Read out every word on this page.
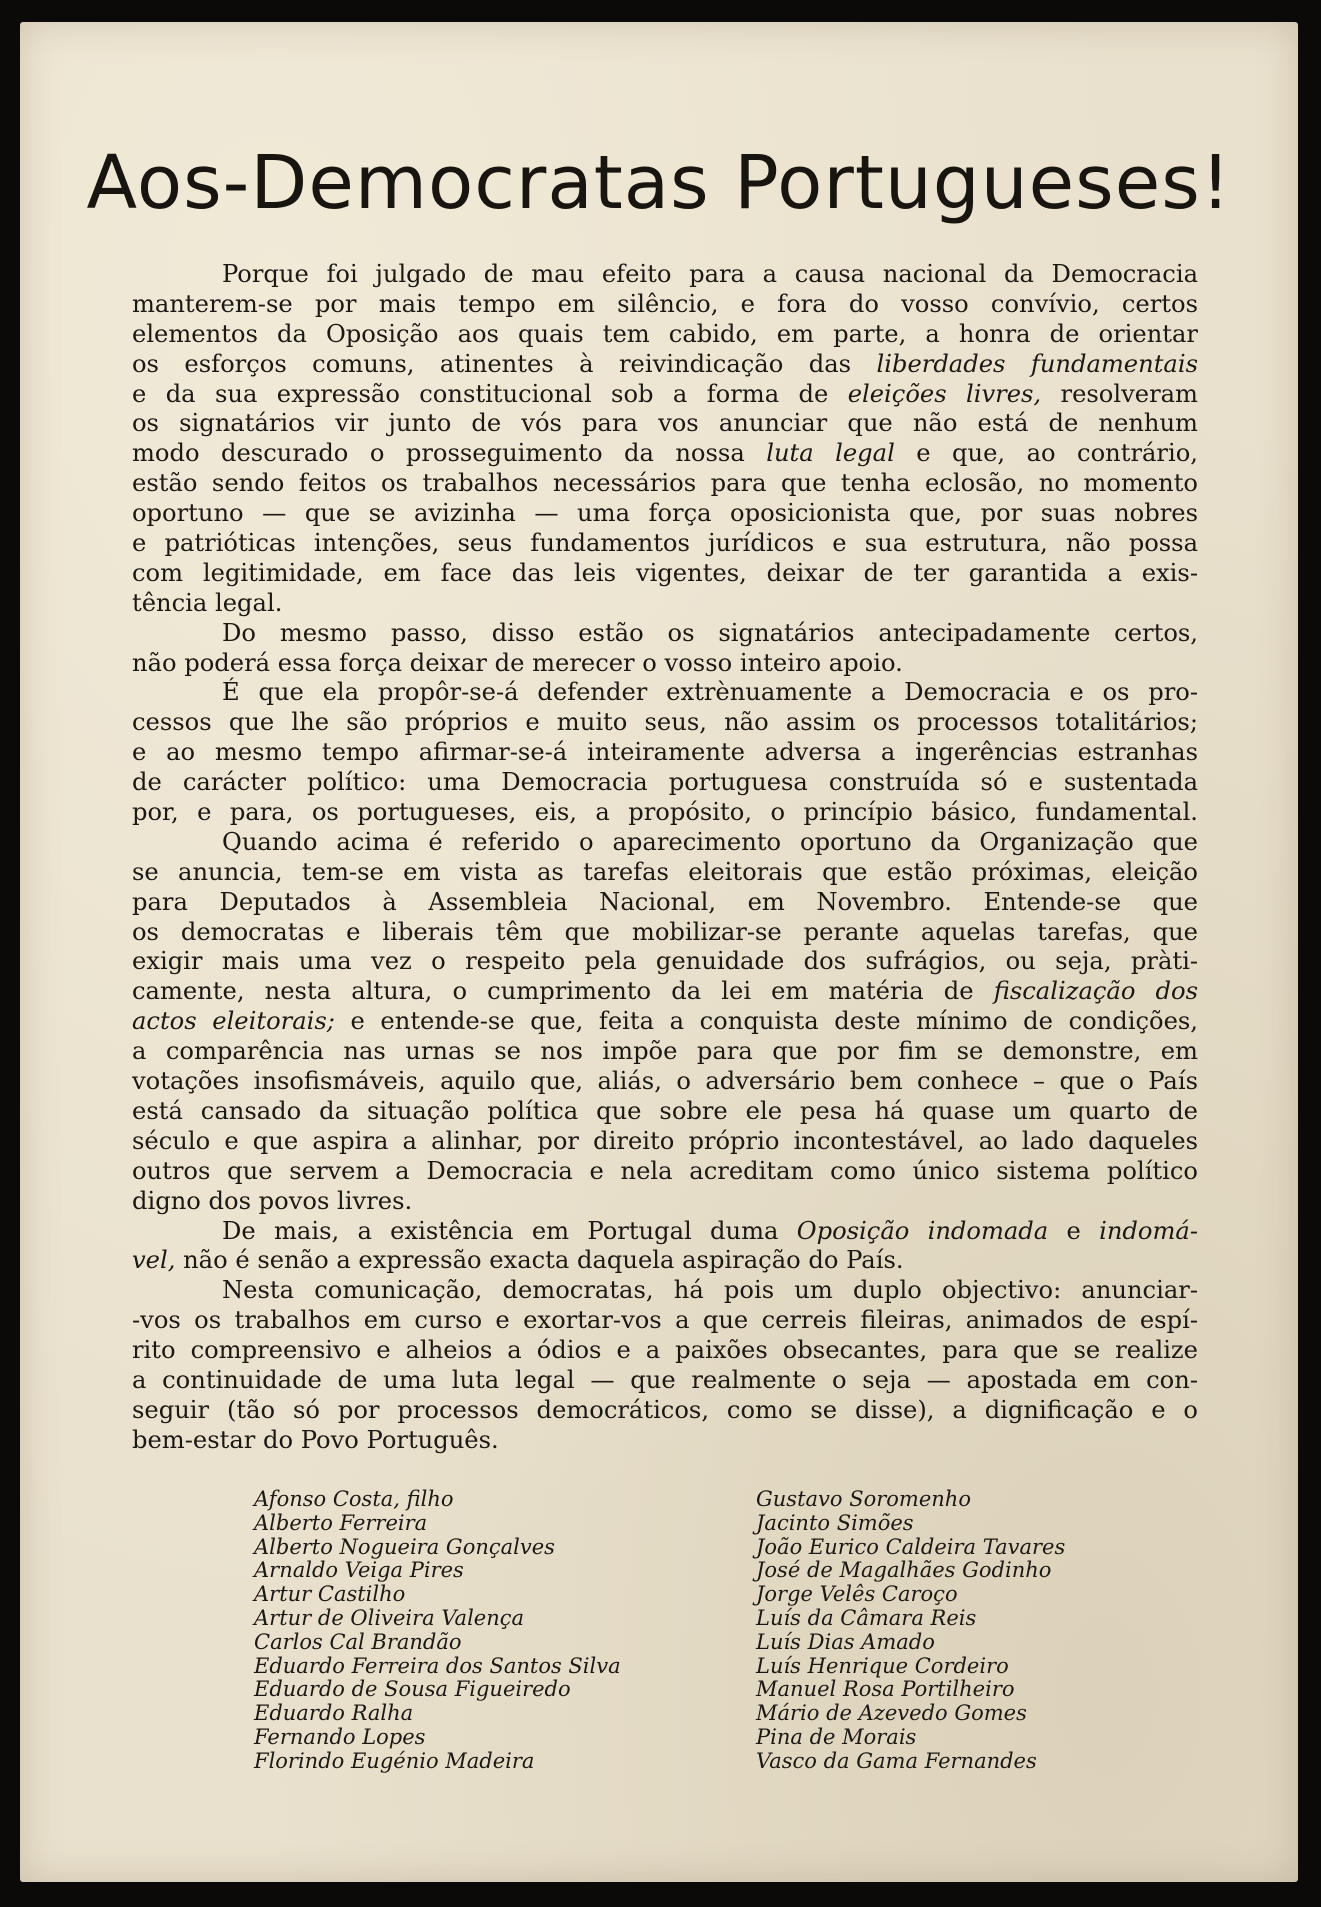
Aos-Democratas Portugueses!
Porque foi julgado de mau efeito para a causa nacional da Democracia
manterem-se por mais tempo em silêncio, e fora do vosso convívio, certos
elementos da Oposição aos quais tem cabido, em parte, a honra de orientar
os esforços comuns, atinentes à reivindicação das liberdades fundamentais
e da sua expressão constitucional sob a forma de eleições livres, resolveram
os signatários vir junto de vós para vos anunciar que não está de nenhum
modo descurado o prosseguimento da nossa luta legal e que, ao contrário,
estão sendo feitos os trabalhos necessários para que tenha eclosão, no momento
oportuno — que se avizinha — uma força oposicionista que, por suas nobres
e patrióticas intenções, seus fundamentos jurídicos e sua estrutura, não possa
com legitimidade, em face das leis vigentes, deixar de ter garantida a exis-
tência legal.
Do mesmo passo, disso estão os signatários antecipadamente certos,
não poderá essa força deixar de merecer o vosso inteiro apoio.
É que ela propôr-se-á defender extrènuamente a Democracia e os pro-
cessos que lhe são próprios e muito seus, não assim os processos totalitários;
e ao mesmo tempo afirmar-se-á inteiramente adversa a ingerências estranhas
de carácter político: uma Democracia portuguesa construída só e sustentada
por, e para, os portugueses, eis, a propósito, o princípio básico, fundamental.
Quando acima é referido o aparecimento oportuno da Organização que
se anuncia, tem-se em vista as tarefas eleitorais que estão próximas, eleição
para Deputados à Assembleia Nacional, em Novembro. Entende-se que
os democratas e liberais têm que mobilizar-se perante aquelas tarefas, que
exigir mais uma vez o respeito pela genuidade dos sufrágios, ou seja, pràti-
camente, nesta altura, o cumprimento da lei em matéria de fiscalização dos
actos eleitorais; e entende-se que, feita a conquista deste mínimo de condições,
a comparência nas urnas se nos impõe para que por fim se demonstre, em
votações insofismáveis, aquilo que, aliás, o adversário bem conhece – que o País
está cansado da situação política que sobre ele pesa há quase um quarto de
século e que aspira a alinhar, por direito próprio incontestável, ao lado daqueles
outros que servem a Democracia e nela acreditam como único sistema político
digno dos povos livres.
De mais, a existência em Portugal duma Oposição indomada e indomá-
vel, não é senão a expressão exacta daquela aspiração do País.
Nesta comunicação, democratas, há pois um duplo objectivo: anunciar-
-vos os trabalhos em curso e exortar-vos a que cerreis fileiras, animados de espí-
rito compreensivo e alheios a ódios e a paixões obsecantes, para que se realize
a continuidade de uma luta legal — que realmente o seja — apostada em con-
seguir (tão só por processos democráticos, como se disse), a dignificação e o
bem-estar do Povo Português.
Afonso Costa, filho
Alberto Ferreira
Alberto Nogueira Gonçalves
Arnaldo Veiga Pires
Artur Castilho
Artur de Oliveira Valença
Carlos Cal Brandão
Eduardo Ferreira dos Santos Silva
Eduardo de Sousa Figueiredo
Eduardo Ralha
Fernando Lopes
Florindo Eugénio Madeira
Gustavo Soromenho
Jacinto Simões
João Eurico Caldeira Tavares
José de Magalhães Godinho
Jorge Velês Caroço
Luís da Câmara Reis
Luís Dias Amado
Luís Henrique Cordeiro
Manuel Rosa Portilheiro
Mário de Azevedo Gomes
Pina de Morais
Vasco da Gama Fernandes
